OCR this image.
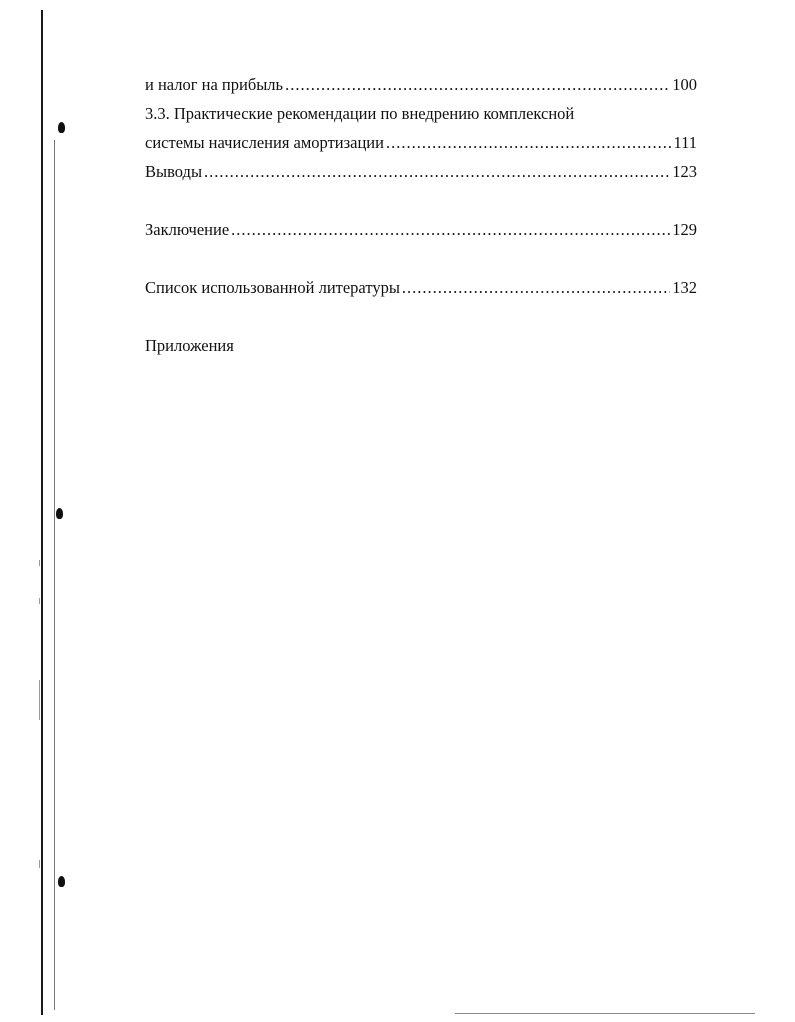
и налог на прибыль .....	100
3.3. Практические рекомендации по внедрению комплексной
системы начисления амортизации .....	111
Выводы .....	123
Заключение .....	129
Список использованной литературы .....	132
Приложения
